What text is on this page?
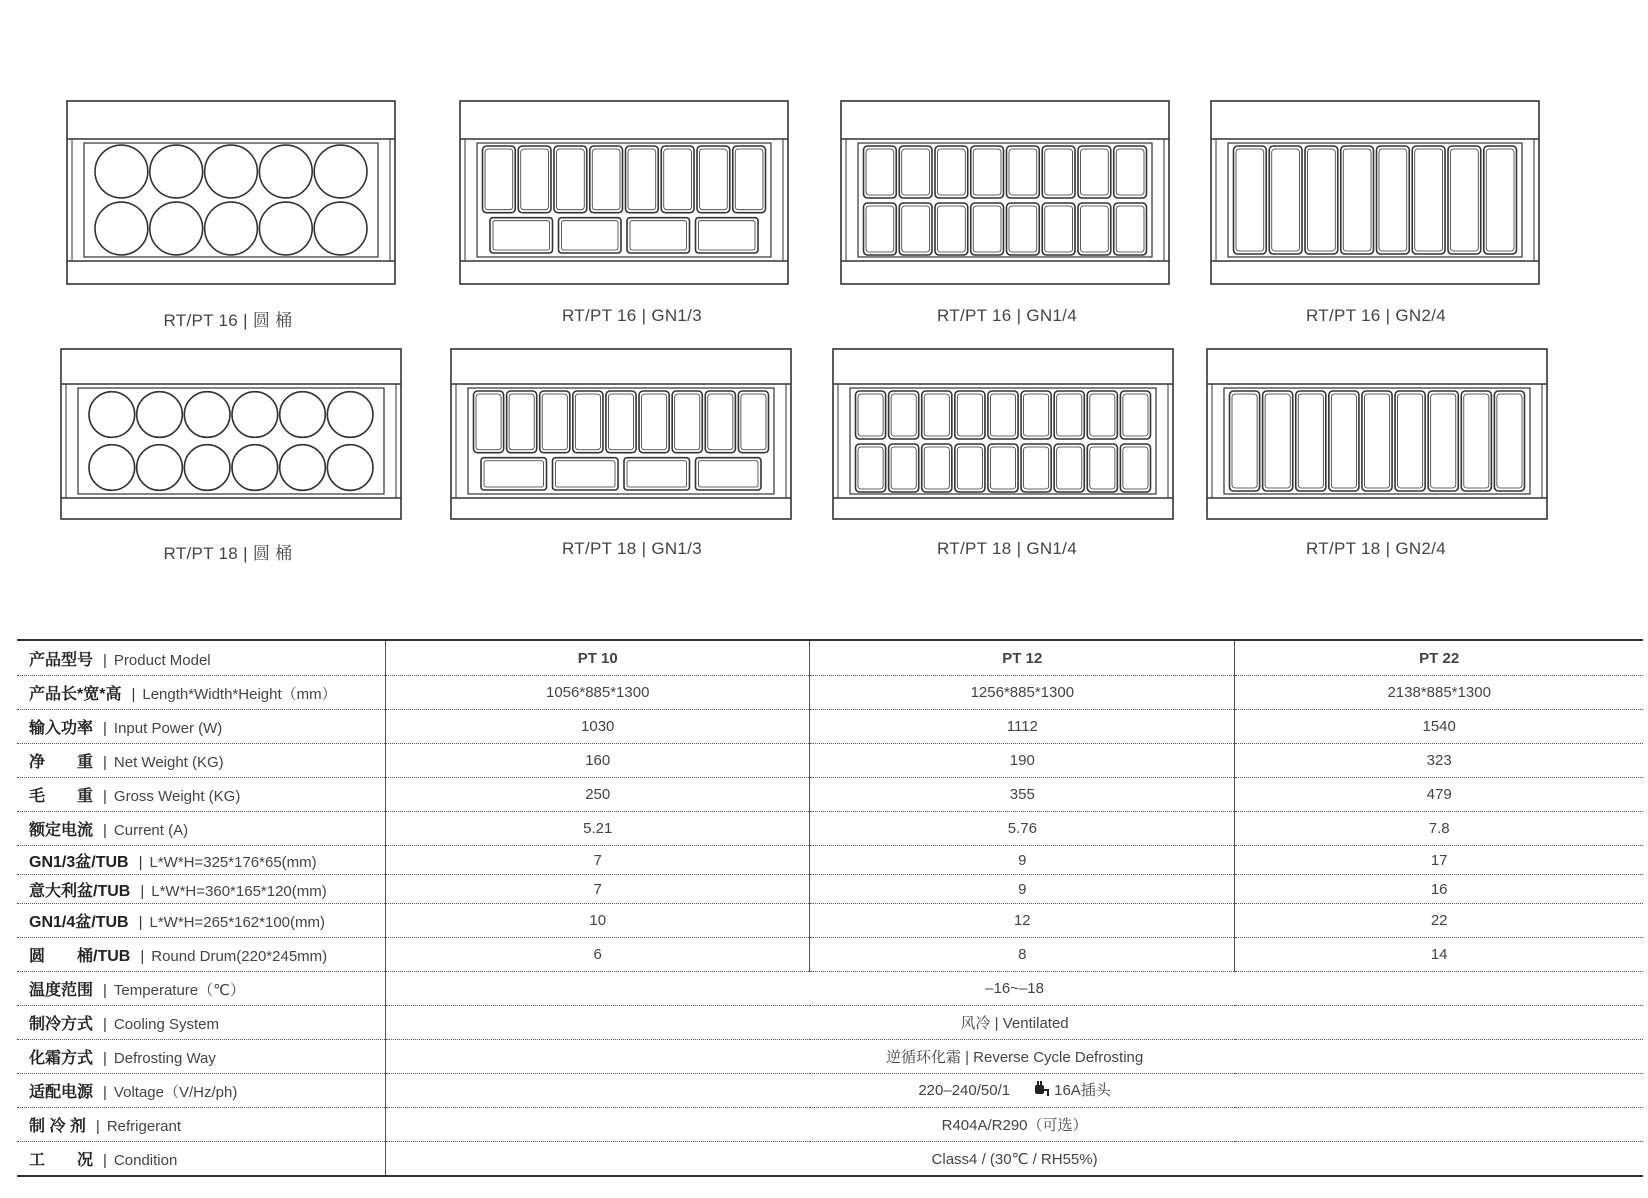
RT/PT 16 | 圆 桶	RT/PT 16 | GN1/3	RT/PT 16 | GN1/4	RT/PT 16 | GN2/4
RT/PT 18 | 圆 桶	RT/PT 18 | GN1/3	RT/PT 18 | GN1/4	RT/PT 18 | GN2/4
产品型号 | Product Model	PT 10	PT 12	PT 22
产品长*宽*高 | Length*Width*Height（mm）	1056*885*1300	1256*885*1300	2138*885*1300
输入功率 | Input Power (W)	1030	1112	1540
净　　重 | Net Weight (KG)	160	190	323
毛　　重 | Gross Weight (KG)	250	355	479
额定电流 | Current (A)	5.21	5.76	7.8
GN1/3盆/TUB | L*W*H=325*176*65(mm)	7	9	17
意大利盆/TUB | L*W*H=360*165*120(mm)	7	9	16
GN1/4盆/TUB | L*W*H=265*162*100(mm)	10	12	22
圆　　桶/TUB | Round Drum(220*245mm)	6	8	14
温度范围 | Temperature（℃）	–16~–18		
制冷方式 | Cooling System	风冷 | Ventilated		
化霜方式 | Defrosting Way	逆循环化霜 | Reverse Cycle Defrosting		
适配电源 | Voltage（V/Hz/ph)	220–240/50/1 16A插头		
制 冷 剂 | Refrigerant	R404A/R290（可选）		
工　　况 | Condition	Class4 / (30℃ / RH55%)		
